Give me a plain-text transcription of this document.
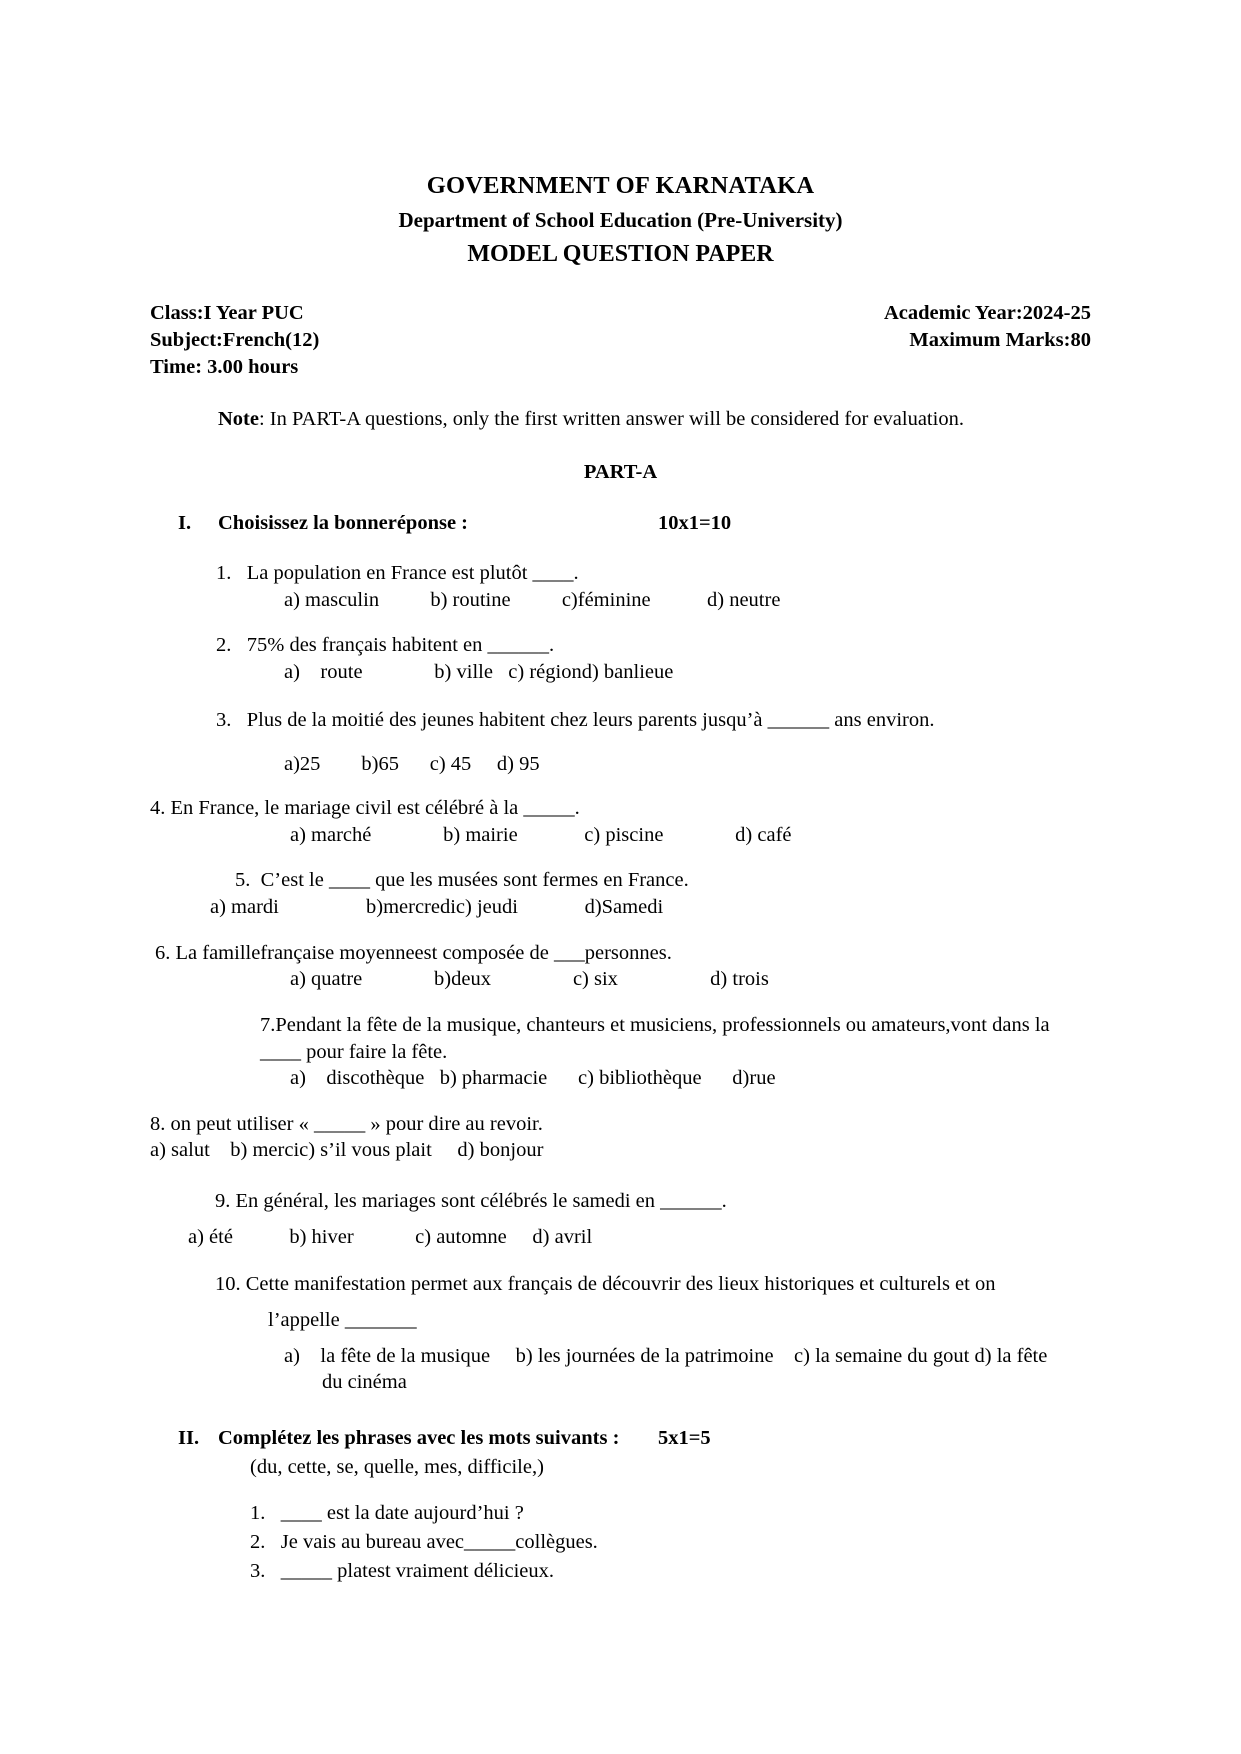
GOVERNMENT OF KARNATAKA
Department of School Education (Pre-University)
MODEL QUESTION PAPER
Class:I Year PUC	Academic Year:2024-25
Subject:French(12)	Maximum Marks:80
Time: 3.00 hours
Note: In PART-A questions, only the first written answer will be considered for evaluation.
PART-A
I.	Choisissez la bonneréponse :	10x1=10
1. La population en France est plutôt ____.
a) masculin          b) routine          c)féminine           d) neutre
2. 75% des français habitent en ______.
a)    route              b) ville   c) régiond) banlieue
3. Plus de la moitié des jeunes habitent chez leurs parents jusqu’à ______ ans environ.
a)25        b)65      c) 45     d) 95
4. En France, le mariage civil est célébré à la _____.
a) marché              b) mairie             c) piscine              d) café
5.  C’est le ____ que les musées sont fermes en France.
a) mardi                 b)mercredic) jeudi             d)Samedi
6. La famillefrançaise moyenneest composée de ___personnes.
a) quatre              b)deux                c) six                  d) trois
7.Pendant la fête de la musique, chanteurs et musiciens, professionnels ou amateurs,vont dans la
____ pour faire la fête.
a)    discothèque   b) pharmacie      c) bibliothèque      d)rue
8. on peut utiliser « _____ » pour dire au revoir.
a) salut    b) mercic) s’il vous plait     d) bonjour
9. En général, les mariages sont célébrés le samedi en ______.
a) été           b) hiver            c) automne     d) avril
10. Cette manifestation permet aux français de découvrir des lieux historiques et culturels et on
l’appelle _______
a)    la fête de la musique     b) les journées de la patrimoine    c) la semaine du gout d) la fête
du cinéma
II. Complétez les phrases avec les mots suivants :	5x1=5
(du, cette, se, quelle, mes, difficile,)
1. ____ est la date aujourd’hui ?
2. Je vais au bureau avec_____collègues.
3. _____ platest vraiment délicieux.
